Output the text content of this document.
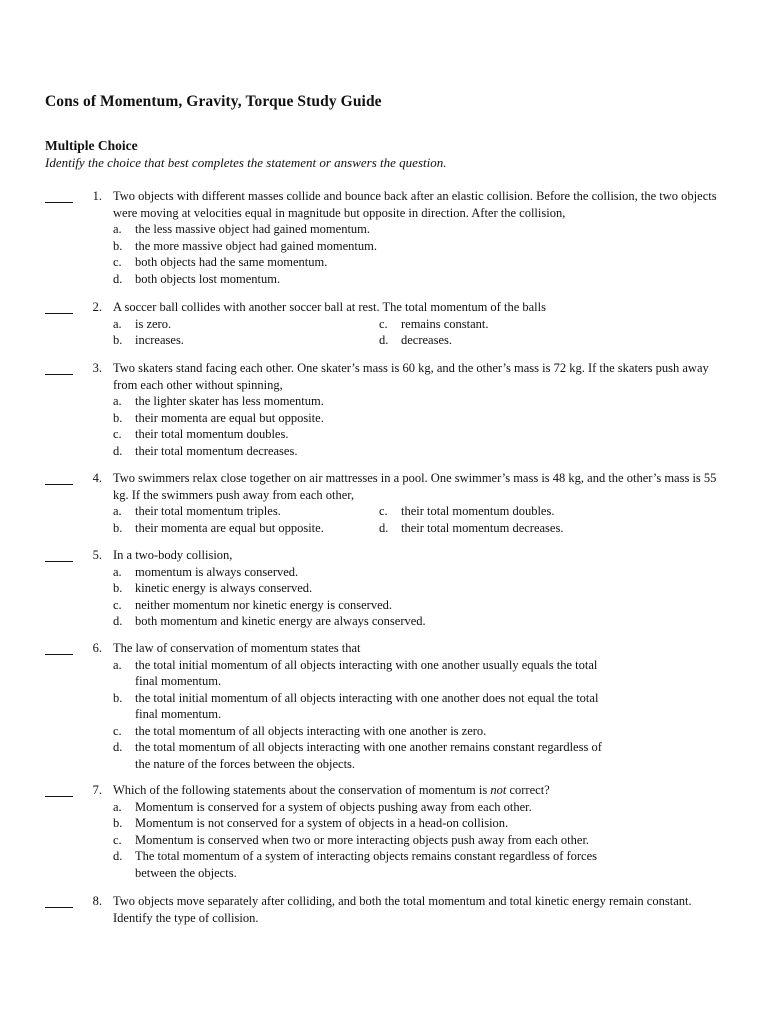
Cons of Momentum, Gravity, Torque Study Guide
Multiple Choice
Identify the choice that best completes the statement or answers the question.
1. Two objects with different masses collide and bounce back after an elastic collision. Before the collision, the two objects were moving at velocities equal in magnitude but opposite in direction. After the collision,
a.	the less massive object had gained momentum.
b.	the more massive object had gained momentum.
c.	both objects had the same momentum.
d.	both objects lost momentum.
2. A soccer ball collides with another soccer ball at rest. The total momentum of the balls
a.	is zero.	c.	remains constant.
b.	increases.	d.	decreases.
3. Two skaters stand facing each other. One skater’s mass is 60 kg, and the other’s mass is 72 kg. If the skaters push away from each other without spinning,
a.	the lighter skater has less momentum.
b.	their momenta are equal but opposite.
c.	their total momentum doubles.
d.	their total momentum decreases.
4. Two swimmers relax close together on air mattresses in a pool. One swimmer’s mass is 48 kg, and the other’s mass is 55 kg. If the swimmers push away from each other,
a.	their total momentum triples.	c.	their total momentum doubles.
b.	their momenta are equal but opposite.	d.	their total momentum decreases.
5. In a two-body collision,
a.	momentum is always conserved.
b.	kinetic energy is always conserved.
c.	neither momentum nor kinetic energy is conserved.
d.	both momentum and kinetic energy are always conserved.
6. The law of conservation of momentum states that
a.	the total initial momentum of all objects interacting with one another usually equals the total final momentum.
b.	the total initial momentum of all objects interacting with one another does not equal the total final momentum.
c.	the total momentum of all objects interacting with one another is zero.
d.	the total momentum of all objects interacting with one another remains constant regardless of the nature of the forces between the objects.
7. Which of the following statements about the conservation of momentum is not correct?
a.	Momentum is conserved for a system of objects pushing away from each other.
b.	Momentum is not conserved for a system of objects in a head-on collision.
c.	Momentum is conserved when two or more interacting objects push away from each other.
d.	The total momentum of a system of interacting objects remains constant regardless of forces between the objects.
8. Two objects move separately after colliding, and both the total momentum and total kinetic energy remain constant. Identify the type of collision.
